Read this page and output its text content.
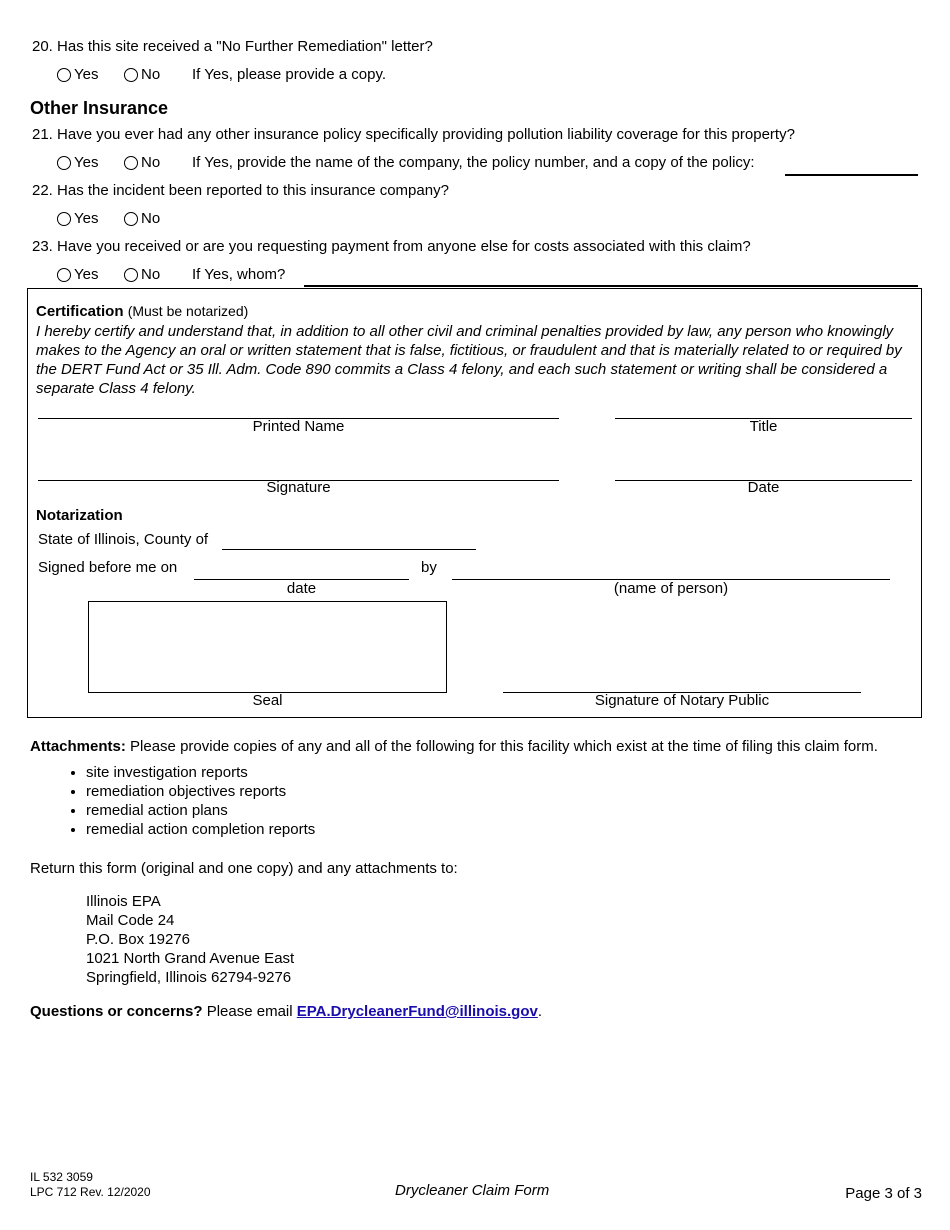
20. Has this site received a "No Further Remediation" letter?
Yes	No If Yes, please provide a copy.
Other Insurance
21. Have you ever had any other insurance policy specifically providing pollution liability coverage for this property?
Yes	No If Yes, provide the name of the company, the policy number, and a copy of the policy:
22. Has the incident been reported to this insurance company?
Yes	No
23. Have you received or are you requesting payment from anyone else for costs associated with this claim?
Yes	No If Yes, whom?
Certification (Must be notarized)
I hereby certify and understand that, in addition to all other civil and criminal penalties provided by law, any person who knowingly makes to the Agency an oral or written statement that is false, fictitious, or fraudulent and that is materially related to or required by the DERT Fund Act or 35 Ill. Adm. Code 890 commits a Class 4 felony, and each such statement or writing shall be considered a separate Class 4 felony.
Printed Name	Title
Signature	Date
Notarization
State of Illinois, County of
Signed before me on	by
date	(name of person)
Seal	Signature of Notary Public
Attachments: Please provide copies of any and all of the following for this facility which exist at the time of filing this claim form.
• site investigation reports
• remediation objectives reports
• remedial action plans
• remedial action completion reports
Return this form (original and one copy) and any attachments to:
Illinois EPA
Mail Code 24
P.O. Box 19276
1021 North Grand Avenue East
Springfield, Illinois 62794-9276
Questions or concerns? Please email EPA.DrycleanerFund@illinois.gov.
IL 532 3059
LPC 712 Rev. 12/2020	Drycleaner Claim Form	Page 3 of 3
